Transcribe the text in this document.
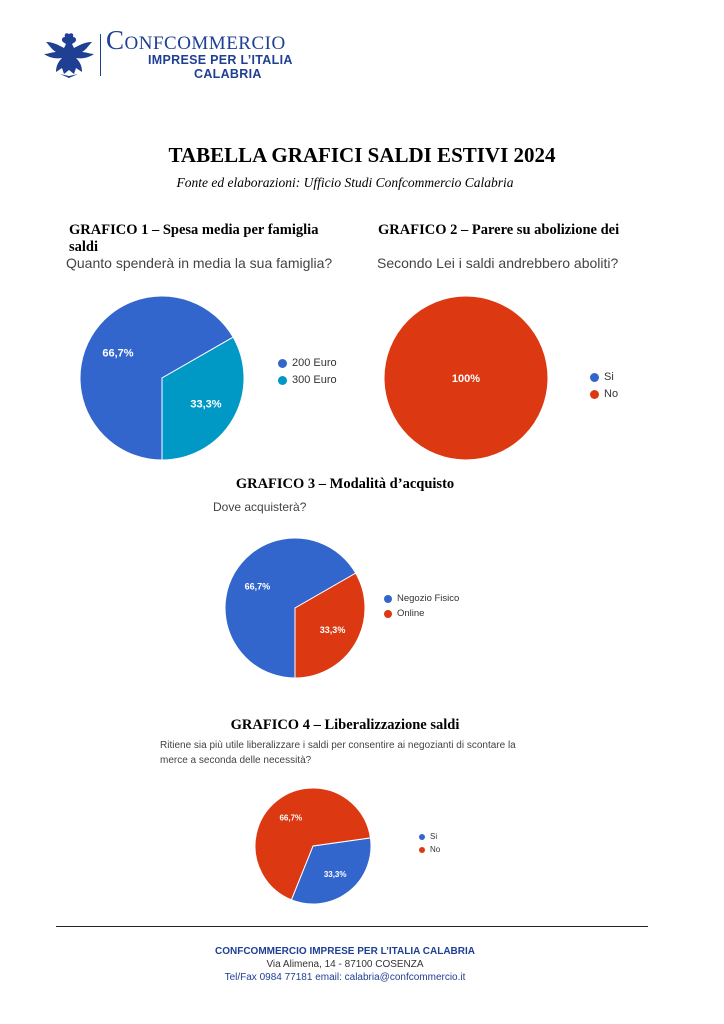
Confcommercio
IMPRESE PER L’ITALIA
CALABRIA
TABELLA GRAFICI SALDI ESTIVI 2024
Fonte ed elaborazioni: Ufficio Studi Confcommercio Calabria
GRAFICO 1 – Spesa media per famiglia saldi
Quanto spenderà in media la sua famiglia?
66,7%
33,3%
200 Euro
300 Euro
GRAFICO 2 – Parere su abolizione dei
Secondo Lei i saldi andrebbero aboliti?
100%	Si
No
GRAFICO 3 – Modalità d’acquisto
Dove acquisterà?
66,7%
33,3%
Negozio Fisico
Online
GRAFICO 4 – Liberalizzazione saldi
Ritiene sia più utile liberalizzare i saldi per consentire ai negozianti di scontare la merce a seconda delle necessità?
33,3%
66,7%
Si
No
CONFCOMMERCIO IMPRESE PER L’ITALIA CALABRIA
Via Alimena, 14 - 87100 COSENZA
Tel/Fax 0984 77181 email: calabria@confcommercio.it
